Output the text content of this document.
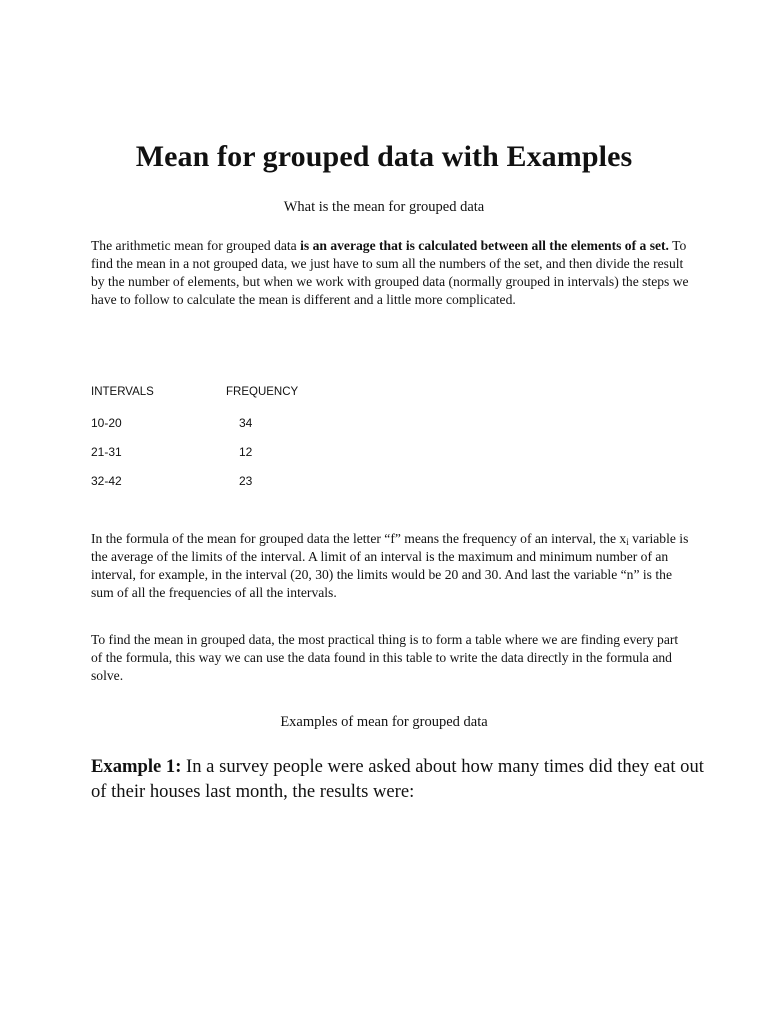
Mean for grouped data with Examples
What is the mean for grouped data

The arithmetic mean for grouped data is an average that is calculated between all the elements of a set. To find the mean in a not grouped data, we just have to sum all the numbers of the set, and then divide the result by the number of elements, but when we work with grouped data (normally grouped in intervals) the steps we have to follow to calculate the mean is different and a little more complicated.

INTERVALS	FREQUENCY
10-20	34
21-31	12
32-42	23

In the formula of the mean for grouped data the letter “f” means the frequency of an interval, the $x_i$ variable is the average of the limits of the interval. A limit of an interval is the maximum and minimum number of an interval, for example, in the interval (20, 30) the limits would be 20 and 30. And last the variable “n” is the sum of all the frequencies of all the intervals.

To find the mean in grouped data, the most practical thing is to form a table where we are finding every part of the formula, this way we can use the data found in this table to write the data directly in the formula and solve.

Examples of mean for grouped data

Example 1: In a survey people were asked about how many times did they eat out of their houses last month, the results were:
